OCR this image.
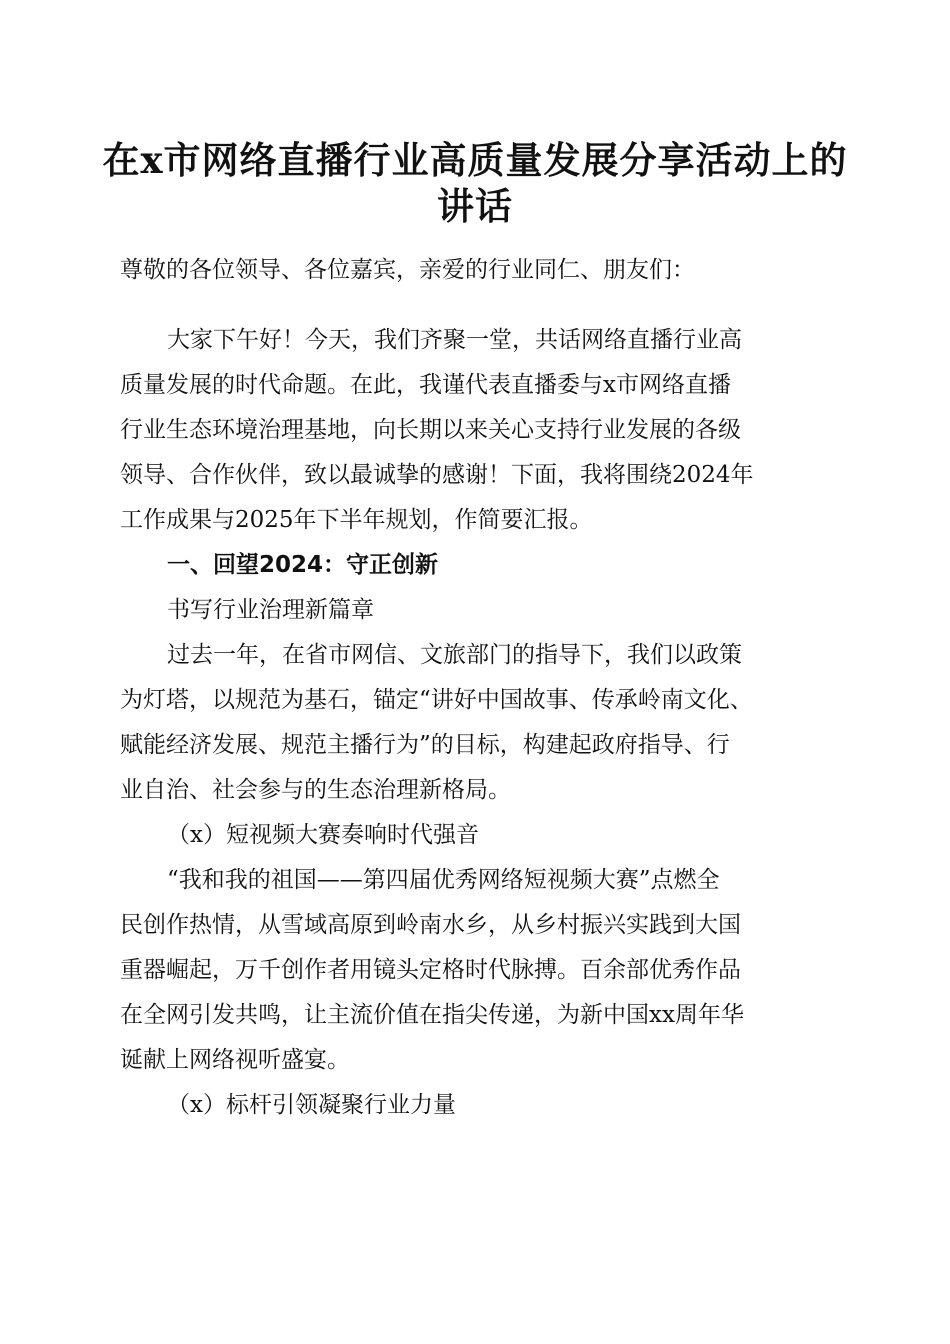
在x市网络直播行业高质量发展分享活动上的
讲话

尊敬的各位领导、各位嘉宾，亲爱的行业同仁、朋友们：

大家下午好！今天，我们齐聚一堂，共话网络直播行业高

质量发展的时代命题。在此，我谨代表直播委与x市网络直播

行业生态环境治理基地，向长期以来关心支持行业发展的各级

领导、合作伙伴，致以最诚挚的感谢！下面，我将围绕2024年

工作成果与2025年下半年规划，作简要汇报。

一、回望2024：守正创新

书写行业治理新篇章

过去一年，在省市网信、文旅部门的指导下，我们以政策

为灯塔，以规范为基石，锚定“讲好中国故事、传承岭南文化、

赋能经济发展、规范主播行为”的目标，构建起政府指导、行

业自治、社会参与的生态治理新格局。

（x）短视频大赛奏响时代强音

“我和我的祖国——第四届优秀网络短视频大赛”点燃全

民创作热情，从雪域高原到岭南水乡，从乡村振兴实践到大国

重器崛起，万千创作者用镜头定格时代脉搏。百余部优秀作品

在全网引发共鸣，让主流价值在指尖传递，为新中国xx周年华

诞献上网络视听盛宴。

（x）标杆引领凝聚行业力量
